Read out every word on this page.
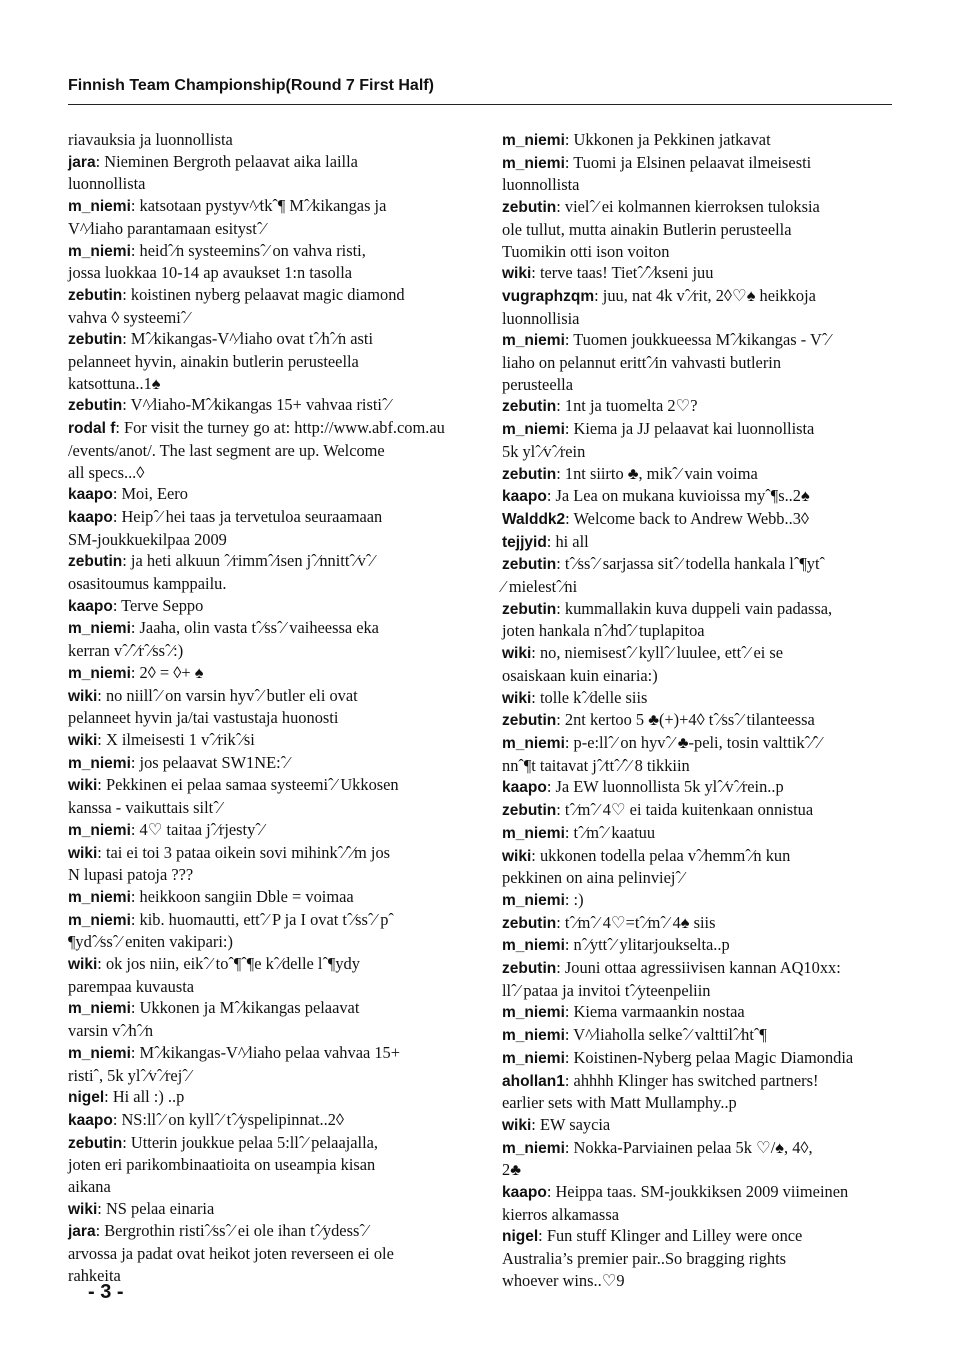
Finnish Team Championship(Round 7 First Half)
riavauksia ja luonnollista
jara: Nieminen Bergroth pelaavat aika lailla
luonnollista
m_niemi: katsotaan pystyv^⁄tkˆ¶ Mˆ⁄kikangas ja
V^⁄liaho parantamaan esitystˆ⁄
m_niemi: heidˆ⁄n systeeminsˆ⁄ on vahva risti,
jossa luokkaa 10-14 ap avaukset 1:n tasolla
zebutin: koistinen nyberg pelaavat magic diamond
vahva ◊ systeemiˆ⁄
zebutin: Mˆ⁄kikangas-V^⁄liaho ovat tˆ⁄hˆ⁄n asti
pelanneet hyvin, ainakin butlerin perusteella
katsottuna..1♠
zebutin: V^⁄liaho-Mˆ⁄kikangas 15+ vahvaa ristiˆ⁄
rodal f: For visit the turney go at: http://www.abf.com.au
/events/anot/. The last segment are up. Welcome
all specs...◊
kaapo: Moi, Eero
kaapo: Heipˆ⁄ hei taas ja tervetuloa seuraamaan
SM-joukkuekilpaa 2009
zebutin: ja heti alkuun ˆ⁄rimmˆ⁄isen jˆ⁄nnittˆ⁄vˆ⁄
osasitoumus kamppailu.
kaapo: Terve Seppo
m_niemi: Jaaha, olin vasta tˆ⁄ssˆ⁄ vaiheessa eka
kerran vˆ⁄ˆ⁄rˆ⁄ssˆ⁄:)
m_niemi: 2◊ = ◊+ ♠
wiki: no niillˆ⁄ on varsin hyvˆ⁄ butler eli ovat
pelanneet hyvin ja/tai vastustaja huonosti
wiki: X ilmeisesti 1 vˆ⁄rikˆ⁄si
m_niemi: jos pelaavat SW1NE:ˆ⁄
wiki: Pekkinen ei pelaa samaa systeemiˆ⁄ Ukkosen
kanssa - vaikuttais siltˆ⁄
m_niemi: 4♡ taitaa jˆ⁄rjestyˆ⁄
wiki: tai ei toi 3 pataa oikein sovi mihinkˆ⁄ˆ⁄m jos
N lupasi patoja ???
m_niemi: heikkoon sangiin Dble = voimaa
m_niemi: kib. huomautti, ettˆ⁄ P ja I ovat tˆ⁄ssˆ⁄ pˆ
¶ydˆ⁄ssˆ⁄ eniten vakipari:)
wiki: ok jos niin, eikˆ⁄ toˆ¶ˆ¶e kˆ⁄delle lˆ¶ydy
parempaa kuvausta
m_niemi: Ukkonen ja Mˆ⁄kikangas pelaavat
varsin vˆ⁄hˆ⁄n
m_niemi: Mˆ⁄kikangas-V^⁄liaho pelaa vahvaa 15+
ristiˆ, 5k ylˆ⁄vˆ⁄rejˆ⁄
nigel: Hi all :) ..p
kaapo: NS:llˆ⁄ on kyllˆ⁄ tˆ⁄yspelipinnat..2◊
zebutin: Utterin joukkue pelaa 5:llˆ⁄ pelaajalla,
joten eri parikombinaatioita on useampia kisan
aikana
wiki: NS pelaa einaria
jara: Bergrothin ristiˆ⁄ssˆ⁄ ei ole ihan tˆ⁄ydessˆ⁄
arvossa ja padat ovat heikot joten reverseen ei ole
rahkeita
m_niemi: Ukkonen ja Pekkinen jatkavat
m_niemi: Tuomi ja Elsinen pelaavat ilmeisesti
luonnollista
zebutin: vielˆ⁄ ei kolmannen kierroksen tuloksia
ole tullut, mutta ainakin Butlerin perusteella
Tuomikin otti ison voiton
wiki: terve taas! Tietˆ⁄ˆ⁄kseni juu
vugraphzqm: juu, nat 4k vˆ⁄rit, 2◊♡♠ heikkoja
luonnollisia
m_niemi: Tuomen joukkueessa Mˆ⁄kikangas - Vˆ⁄
liaho on pelannut erittˆ⁄in vahvasti butlerin
perusteella
zebutin: 1nt ja tuomelta 2♡?
m_niemi: Kiema ja JJ pelaavat kai luonnollista
5k ylˆ⁄vˆ⁄rein
zebutin: 1nt siirto ♣, mikˆ⁄ vain voima
kaapo: Ja Lea on mukana kuvioissa myˆ¶s..2♠
Walddk2: Welcome back to Andrew Webb..3◊
tejjyid: hi all
zebutin: tˆ⁄ssˆ⁄ sarjassa sitˆ⁄ todella hankala lˆ¶ytˆ
⁄ mielestˆ⁄ni
zebutin: kummallakin kuva duppeli vain padassa,
joten hankala nˆ⁄hdˆ⁄ tuplapitoa
wiki: no, niemisestˆ⁄ kyllˆ⁄ luulee, ettˆ⁄ ei se
osaiskaan kuin einaria:)
wiki: tolle kˆ⁄delle siis
zebutin: 2nt kertoo 5 ♣(+)+4◊ tˆ⁄ssˆ⁄ tilanteessa
m_niemi: p-e:llˆ⁄ on hyvˆ⁄ ♣-peli, tosin valttikˆ⁄ˆ⁄
nnˆ¶t taitavat jˆ⁄ttˆ⁄ˆ⁄ 8 tikkiin
kaapo: Ja EW luonnollista 5k ylˆ⁄vˆ⁄rein..p
zebutin: tˆ⁄mˆ⁄ 4♡ ei taida kuitenkaan onnistua
m_niemi: tˆ⁄mˆ⁄ kaatuu
wiki: ukkonen todella pelaa vˆ⁄hemmˆ⁄n kun
pekkinen on aina pelinviejˆ⁄
m_niemi: :)
zebutin: tˆ⁄mˆ⁄ 4♡=tˆ⁄mˆ⁄ 4♠ siis
m_niemi: nˆ⁄yttˆ⁄ ylitarjoukselta..p
zebutin: Jouni ottaa agressiivisen kannan AQ10xx:
llˆ⁄ pataa ja invitoi tˆ⁄yteenpeliin
m_niemi: Kiema varmaankin nostaa
m_niemi: V^⁄liaholla selkeˆ⁄ valttilˆ⁄htˆ¶
m_niemi: Koistinen-Nyberg pelaa Magic Diamondia
ahollan1: ahhhh Klinger has switched partners!
earlier sets with Matt Mullamphy..p
wiki: EW saycia
m_niemi: Nokka-Parviainen pelaa 5k ♡/♠, 4◊,
2♣
kaapo: Heippa taas. SM-joukkiksen 2009 viimeinen
kierros alkamassa
nigel: Fun stuff Klinger and Lilley were once
Australia’s premier pair..So bragging rights
whoever wins..♡9
- 3 -
